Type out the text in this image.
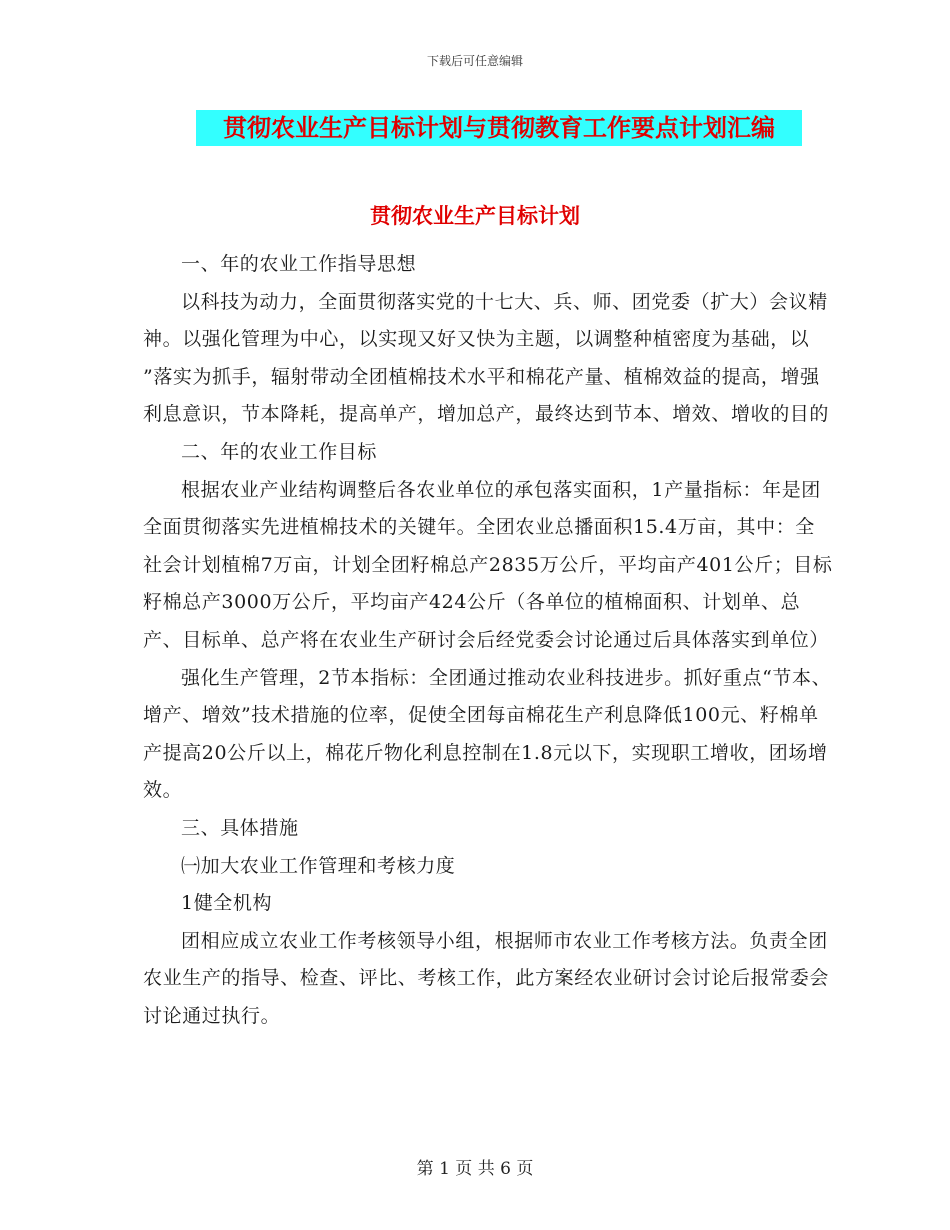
下载后可任意编辑
贯彻农业生产目标计划与贯彻教育工作要点计划汇编
贯彻农业生产目标计划

一、年的农业工作指导思想

以科技为动力，全面贯彻落实党的十七大、兵、师、团党委（扩大）会议精神。以强化管理为中心，以实现又好又快为主题，以调整种植密度为基础，以 ”落实为抓手，辐射带动全团植棉技术水平和棉花产量、植棉效益的提高，增强利息意识，节本降耗，提高单产，增加总产，最终达到节本、增效、增收的目的

二、年的农业工作目标

根据农业产业结构调整后各农业单位的承包落实面积，1产量指标：年是团全面贯彻落实先进植棉技术的关键年。全团农业总播面积15.4万亩，其中：全社会计划植棉7万亩，计划全团籽棉总产2835万公斤，平均亩产401公斤；目标籽棉总产3000万公斤，平均亩产424公斤（各单位的植棉面积、计划单、总产、目标单、总产将在农业生产研讨会后经党委会讨论通过后具体落实到单位）

强化生产管理，2节本指标：全团通过推动农业科技进步。抓好重点“节本、增产、增效”技术措施的位率，促使全团每亩棉花生产利息降低100元、籽棉单产提高20公斤以上，棉花斤物化利息控制在1.8元以下，实现职工增收，团场增效。

三、具体措施

㈠加大农业工作管理和考核力度

1健全机构

团相应成立农业工作考核领导小组，根据师市农业工作考核方法。负责全团农业生产的指导、检查、评比、考核工作，此方案经农业研讨会讨论后报常委会讨论通过执行。

第 1 页 共 6 页
